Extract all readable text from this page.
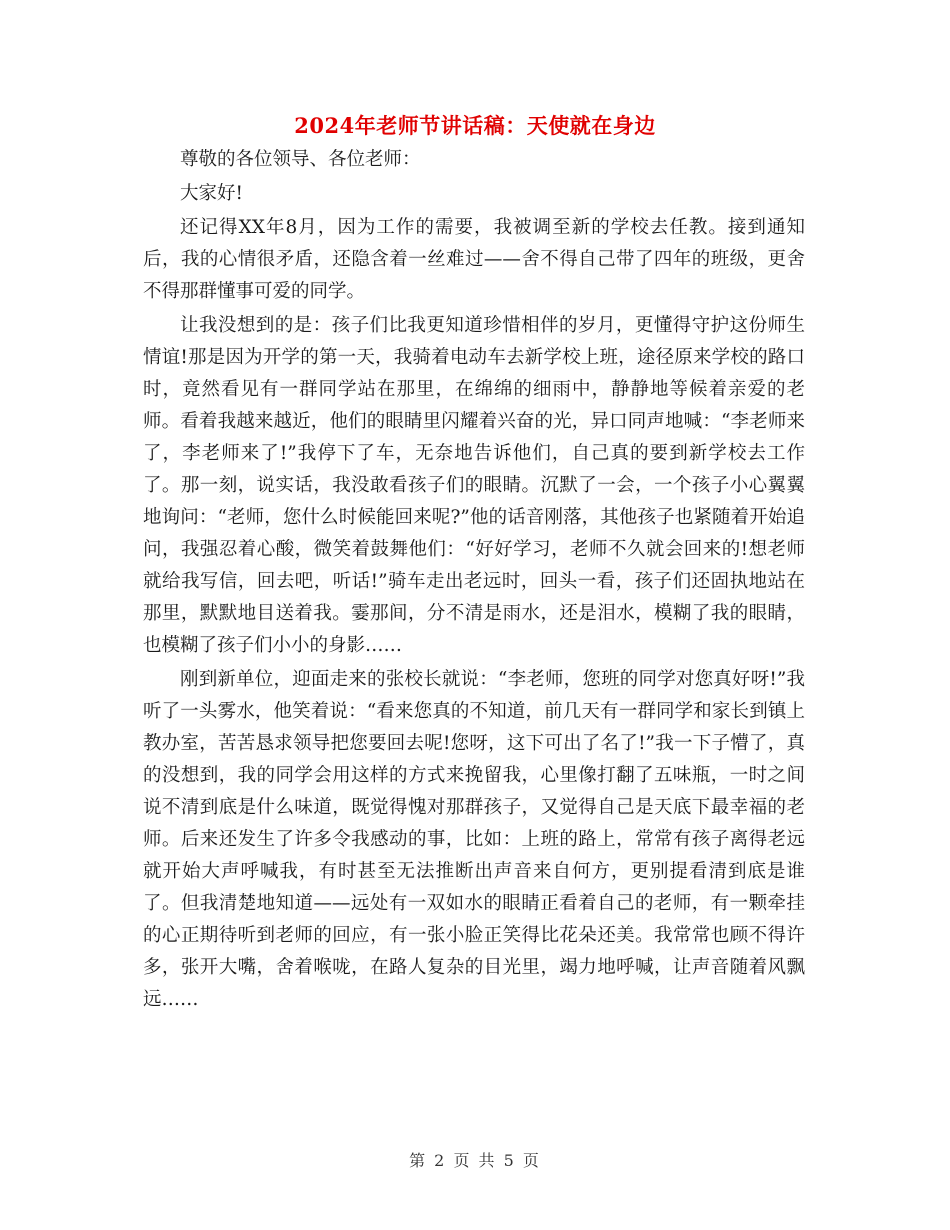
2024年老师节讲话稿：天使就在身边

尊敬的各位领导、各位老师：

大家好!

还记得XX年8月，因为工作的需要，我被调至新的学校去任教。接到通知后，我的心情很矛盾，还隐含着一丝难过——舍不得自己带了四年的班级，更舍不得那群懂事可爱的同学。

让我没想到的是：孩子们比我更知道珍惜相伴的岁月，更懂得守护这份师生情谊!那是因为开学的第一天，我骑着电动车去新学校上班，途径原来学校的路口时，竟然看见有一群同学站在那里，在绵绵的细雨中，静静地等候着亲爱的老师。看着我越来越近，他们的眼睛里闪耀着兴奋的光，异口同声地喊：“李老师来了，李老师来了!”我停下了车，无奈地告诉他们，自己真的要到新学校去工作了。那一刻，说实话，我没敢看孩子们的眼睛。沉默了一会，一个孩子小心翼翼地询问：“老师，您什么时候能回来呢?”他的话音刚落，其他孩子也紧随着开始追问，我强忍着心酸，微笑着鼓舞他们：“好好学习，老师不久就会回来的!想老师就给我写信，回去吧，听话!”骑车走出老远时，回头一看，孩子们还固执地站在那里，默默地目送着我。霎那间，分不清是雨水，还是泪水，模糊了我的眼睛，也模糊了孩子们小小的身影……

刚到新单位，迎面走来的张校长就说：“李老师，您班的同学对您真好呀!”我听了一头雾水，他笑着说：“看来您真的不知道，前几天有一群同学和家长到镇上教办室，苦苦恳求领导把您要回去呢!您呀，这下可出了名了!”我一下子懵了，真的没想到，我的同学会用这样的方式来挽留我，心里像打翻了五味瓶，一时之间说不清到底是什么味道，既觉得愧对那群孩子，又觉得自己是天底下最幸福的老师。后来还发生了许多令我感动的事，比如：上班的路上，常常有孩子离得老远就开始大声呼喊我，有时甚至无法推断出声音来自何方，更别提看清到底是谁了。但我清楚地知道——远处有一双如水的眼睛正看着自己的老师，有一颗牵挂的心正期待听到老师的回应，有一张小脸正笑得比花朵还美。我常常也顾不得许多，张开大嘴，舍着喉咙，在路人复杂的目光里，竭力地呼喊，让声音随着风飘远……

第 2 页 共 5 页
